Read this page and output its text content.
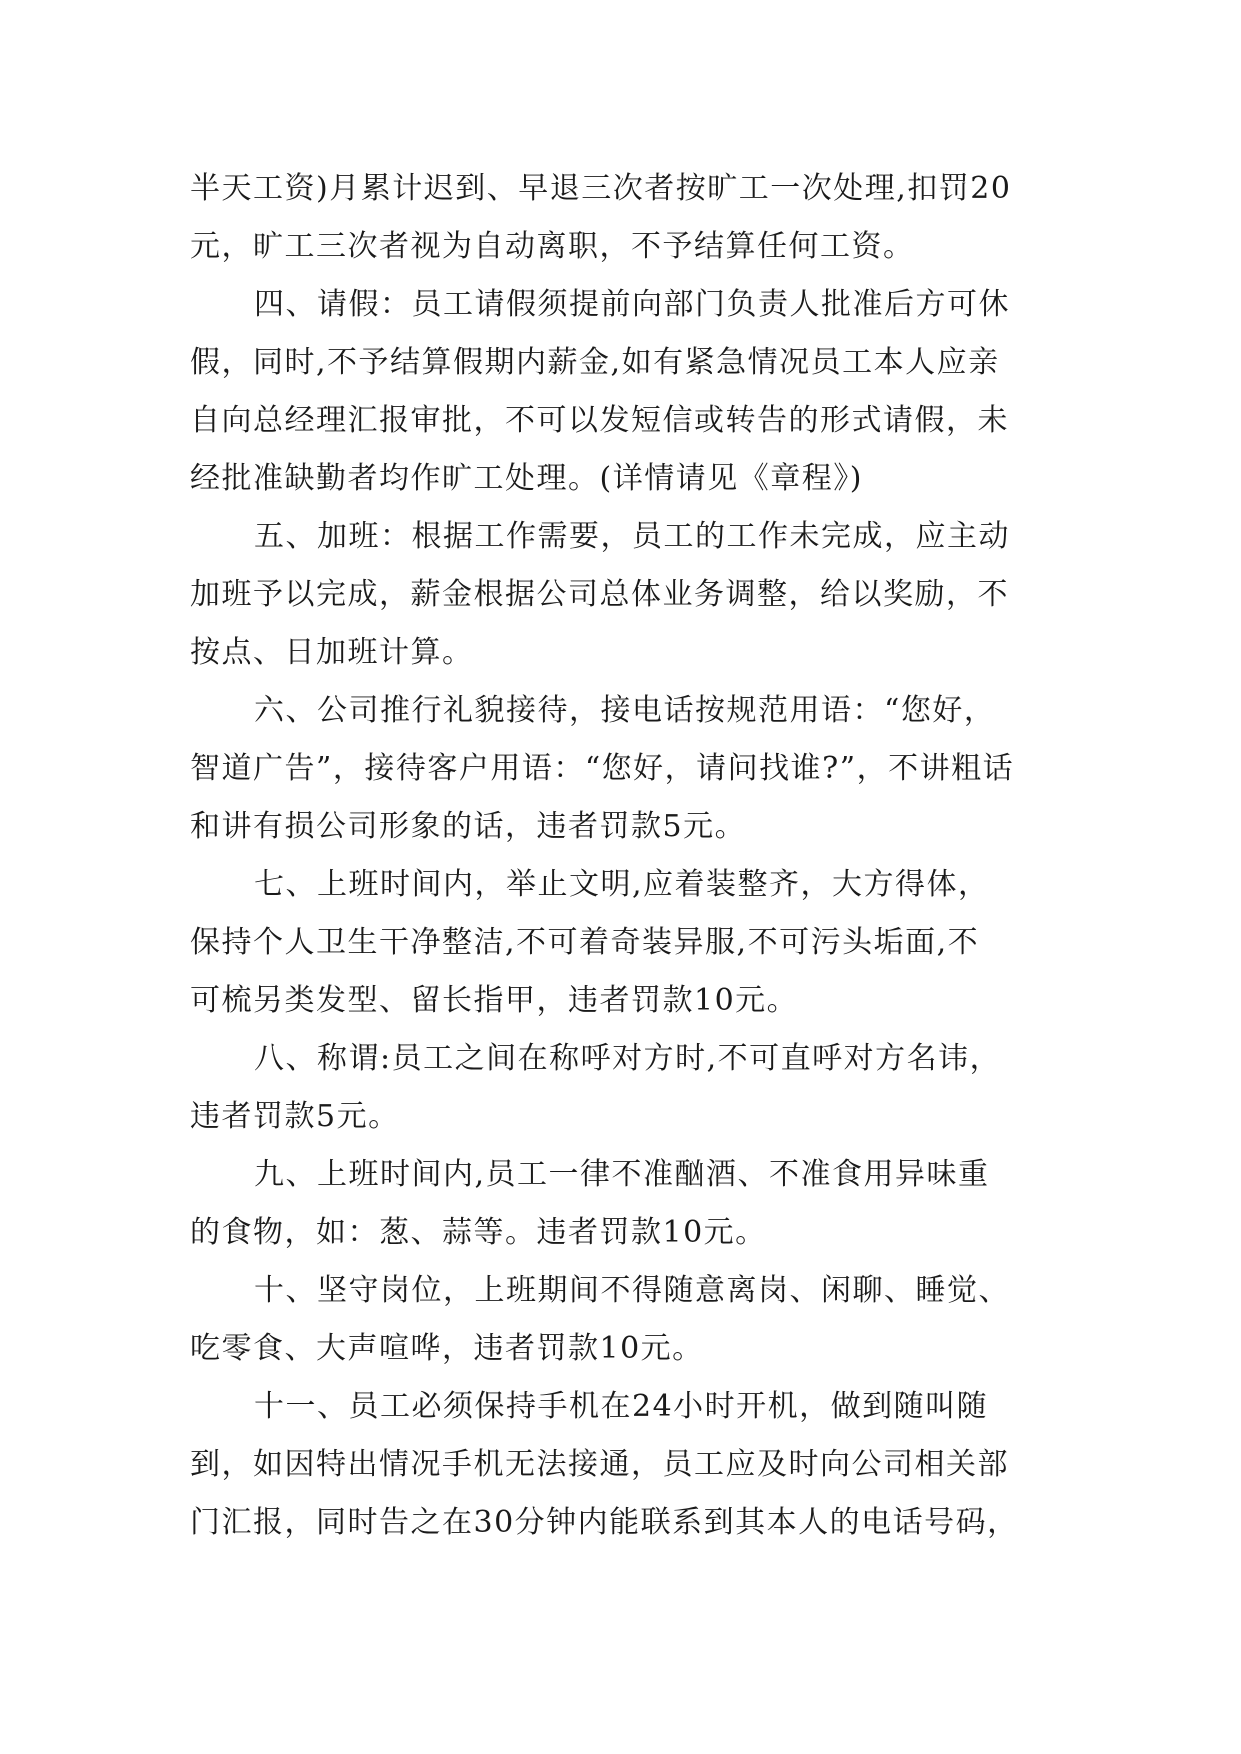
半天工资)月累计迟到、早退三次者按旷工一次处理,扣罚20
元，旷工三次者视为自动离职，不予结算任何工资。
四、请假：员工请假须提前向部门负责人批准后方可休
假，同时,不予结算假期内薪金,如有紧急情况员工本人应亲
自向总经理汇报审批，不可以发短信或转告的形式请假，未
经批准缺勤者均作旷工处理。(详情请见《章程》)
五、加班：根据工作需要，员工的工作未完成，应主动
加班予以完成，薪金根据公司总体业务调整，给以奖励，不
按点、日加班计算。
六、公司推行礼貌接待，接电话按规范用语：“您好，
智道广告”，接待客户用语：“您好，请问找谁?”，不讲粗话
和讲有损公司形象的话，违者罚款5元。
七、上班时间内，举止文明,应着装整齐，大方得体，
保持个人卫生干净整洁,不可着奇装异服,不可污头垢面,不
可梳另类发型、留长指甲，违者罚款10元。
八、称谓:员工之间在称呼对方时,不可直呼对方名讳，
违者罚款5元。
九、上班时间内,员工一律不准酗酒、不准食用异味重
的食物，如：葱、蒜等。违者罚款10元。
十、坚守岗位，上班期间不得随意离岗、闲聊、睡觉、
吃零食、大声喧哗，违者罚款10元。
十一、员工必须保持手机在24小时开机，做到随叫随
到，如因特出情况手机无法接通，员工应及时向公司相关部
门汇报，同时告之在30分钟内能联系到其本人的电话号码，
